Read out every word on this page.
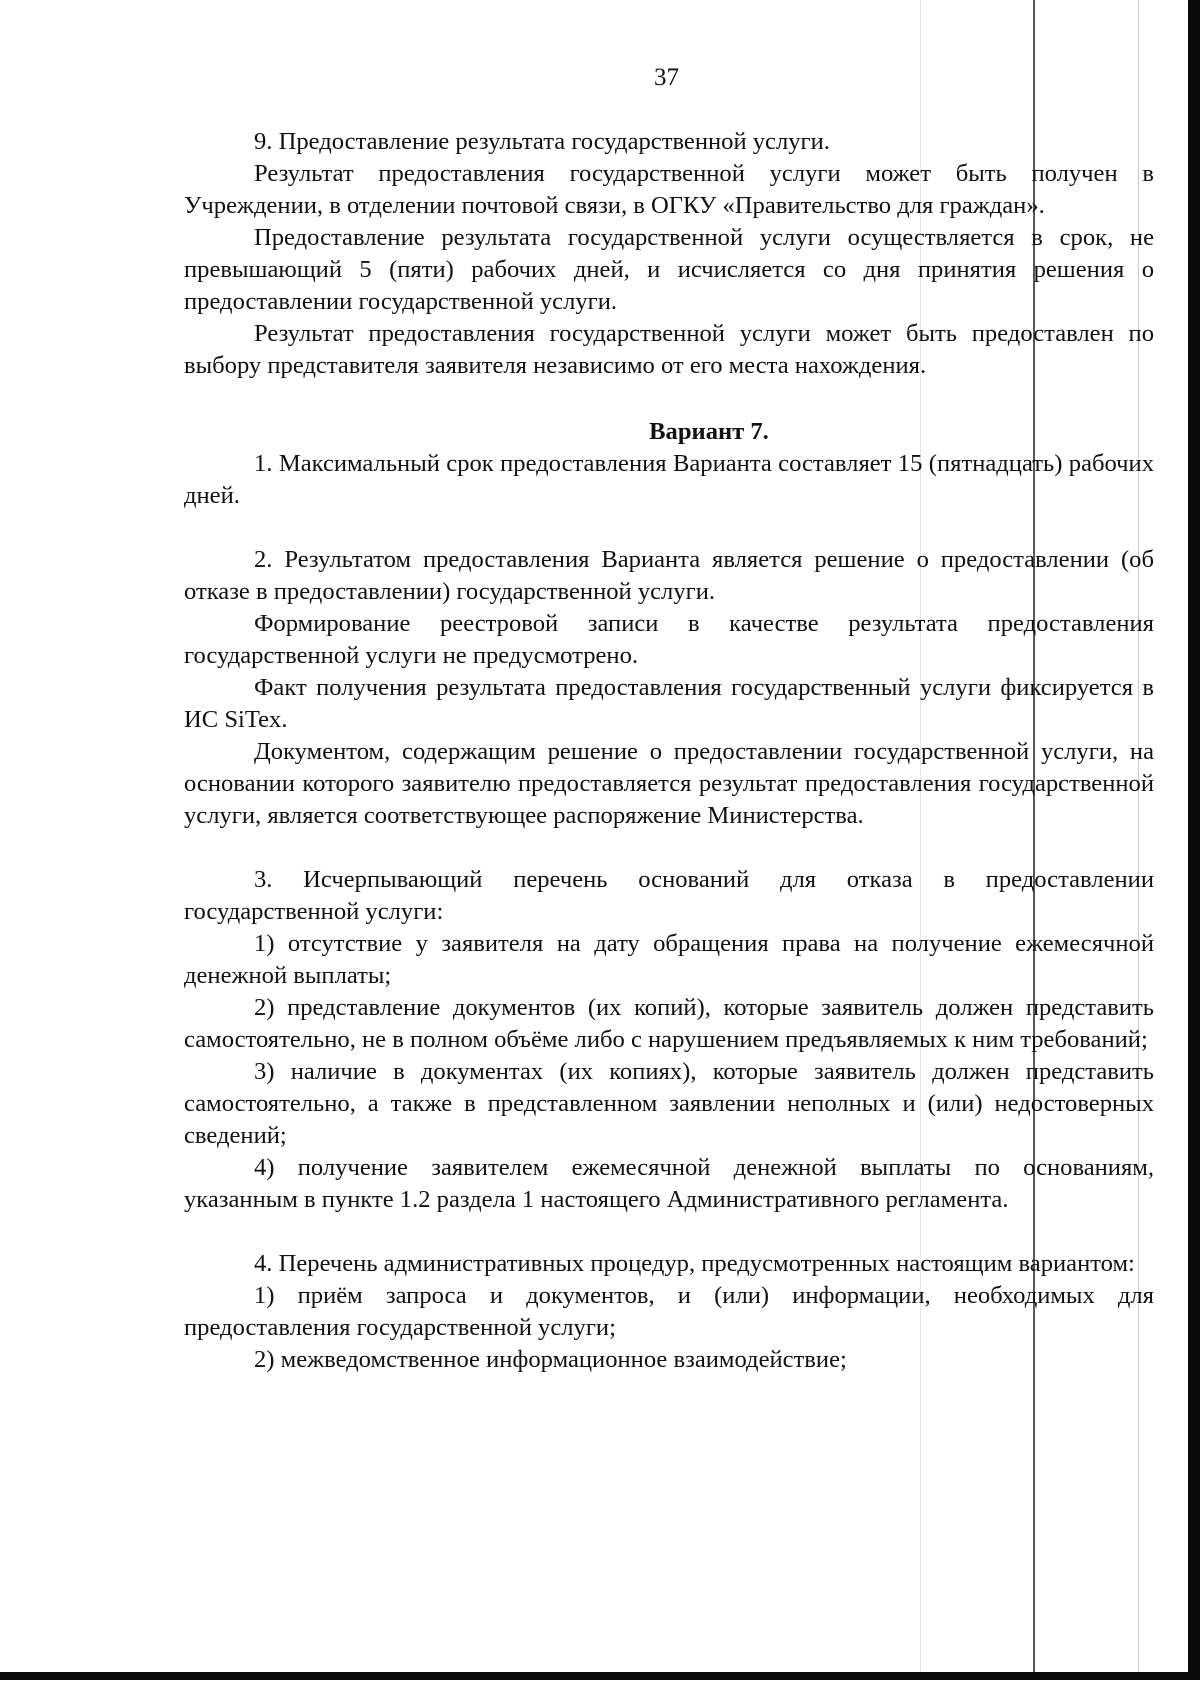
37

9. Предоставление результата государственной услуги.

Результат предоставления государственной услуги может быть получен в Учреждении, в отделении почтовой связи, в ОГКУ «Правительство для граждан».

Предоставление результата государственной услуги осуществляется в срок, не превышающий 5 (пяти) рабочих дней, и исчисляется со дня принятия решения о предоставлении государственной услуги.

Результат предоставления государственной услуги может быть предоставлен по выбору представителя заявителя независимо от его места нахождения.

Вариант 7.

1. Максимальный срок предоставления Варианта составляет 15 (пятнадцать) рабочих дней.

2. Результатом предоставления Варианта является решение о предоставлении (об отказе в предоставлении) государственной услуги.

Формирование реестровой записи в качестве результата предоставления государственной услуги не предусмотрено.

Факт получения результата предоставления государственный услуги фиксируется в ИС SiTex.

Документом, содержащим решение о предоставлении государственной услуги, на основании которого заявителю предоставляется результат предоставления государственной услуги, является соответствующее распоряжение Министерства.

3. Исчерпывающий перечень оснований для отказа в предоставлении государственной услуги:

1) отсутствие у заявителя на дату обращения права на получение ежемесячной денежной выплаты;

2) представление документов (их копий), которые заявитель должен представить самостоятельно, не в полном объёме либо с нарушением предъявляемых к ним требований;

3) наличие в документах (их копиях), которые заявитель должен представить самостоятельно, а также в представленном заявлении неполных и (или) недостоверных сведений;

4) получение заявителем ежемесячной денежной выплаты по основаниям, указанным в пункте 1.2 раздела 1 настоящего Административного регламента.

4. Перечень административных процедур, предусмотренных настоящим вариантом:

1) приём запроса и документов, и (или) информации, необходимых для предоставления государственной услуги;

2) межведомственное информационное взаимодействие;
